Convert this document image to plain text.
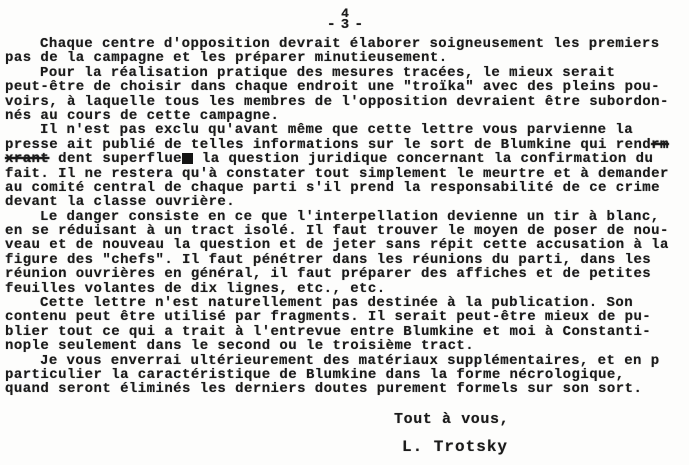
-
4
3 -
Chaque centre d'opposition devrait élaborer soigneusement les premiers
pas de la campagne et les préparer minutieusement.
Pour la réalisation pratique des mesures tracées, le mieux serait
peut-être de choisir dans chaque endroit une "troïka" avec des pleins pou-
voirs, à laquelle tous les membres de l'opposition devraient être subordon-
nés au cours de cette campagne.
Il n'est pas exclu qu'avant même que cette lettre vous parvienne la
presse ait publié de telles informations sur le sort de Blumkine qui rendrm
xrant dent superflue  la question juridique concernant la confirmation du
fait. Il ne restera qu'à constater tout simplement le meurtre et à demander
au comité central de chaque parti s'il prend la responsabilité de ce crime
devant la classe ouvrière.
Le danger consiste en ce que l'interpellation devienne un tir à blanc,
en se réduisant à un tract isolé. Il faut trouver le moyen de poser de nou-
veau et de nouveau la question et de jeter sans répit cette accusation à la
figure des "chefs". Il faut pénétrer dans les réunions du parti, dans les
réunion ouvrières en général, il faut préparer des affiches et de petites
feuilles volantes de dix lignes, etc., etc.
Cette lettre n'est naturellement pas destinée à la publication. Son
contenu peut être utilisé par fragments. Il serait peut-être mieux de pu-
blier tout ce qui a trait à l'entrevue entre Blumkine et moi à Constanti-
nople seulement dans le second ou le troisième tract.
Je vous enverrai ultérieurement des matériaux supplémentaires, et en p
particulier la caractéristique de Blumkine dans la forme nécrologique,
quand seront éliminés les derniers doutes purement formels sur son sort.
Tout à vous,
L. Trotsky
